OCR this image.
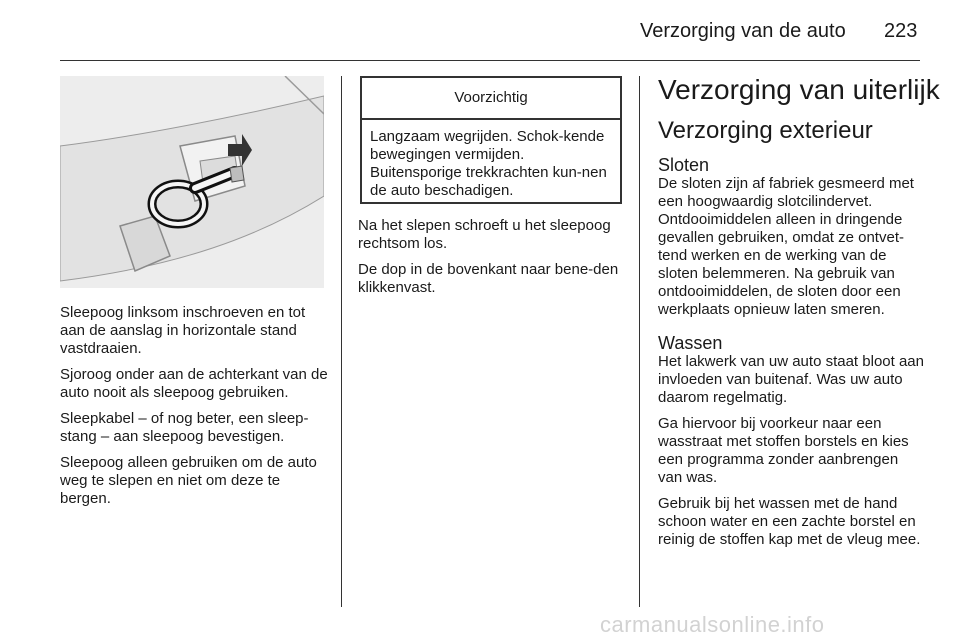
Verzorging van de auto 223

Sleepoog linksom inschroeven en tot aan de aanslag in horizontale stand vastdraaien.

Sjoroog onder aan de achterkant van de auto nooit als sleepoog gebruiken.

Sleepkabel – of nog beter, een sleep-stang – aan sleepoog bevestigen.

Sleepoog alleen gebruiken om de auto weg te slepen en niet om deze te bergen.

Voorzichtig
Langzaam wegrijden. Schok-kende bewegingen vermijden. Buitensporige trekkrachten kun-nen de auto beschadigen.

Na het slepen schroeft u het sleepoog rechtsom los.

De dop in de bovenkant naar bene-den klikkenvast.

Verzorging van uiterlijk
Verzorging exterieur
Sloten

De sloten zijn af fabriek gesmeerd met een hoogwaardig slotcilindervet. Ontdooimiddelen alleen in dringende gevallen gebruiken, omdat ze ontvet-tend werken en de werking van de sloten belemmeren. Na gebruik van ontdooimiddelen, de sloten door een werkplaats opnieuw laten smeren.

Wassen

Het lakwerk van uw auto staat bloot aan invloeden van buitenaf. Was uw auto daarom regelmatig.

Ga hiervoor bij voorkeur naar een wasstraat met stoffen borstels en kies een programma zonder aanbrengen van was.

Gebruik bij het wassen met de hand schoon water en een zachte borstel en reinig de stoffen kap met de vleug mee.

carmanualsonline.info
